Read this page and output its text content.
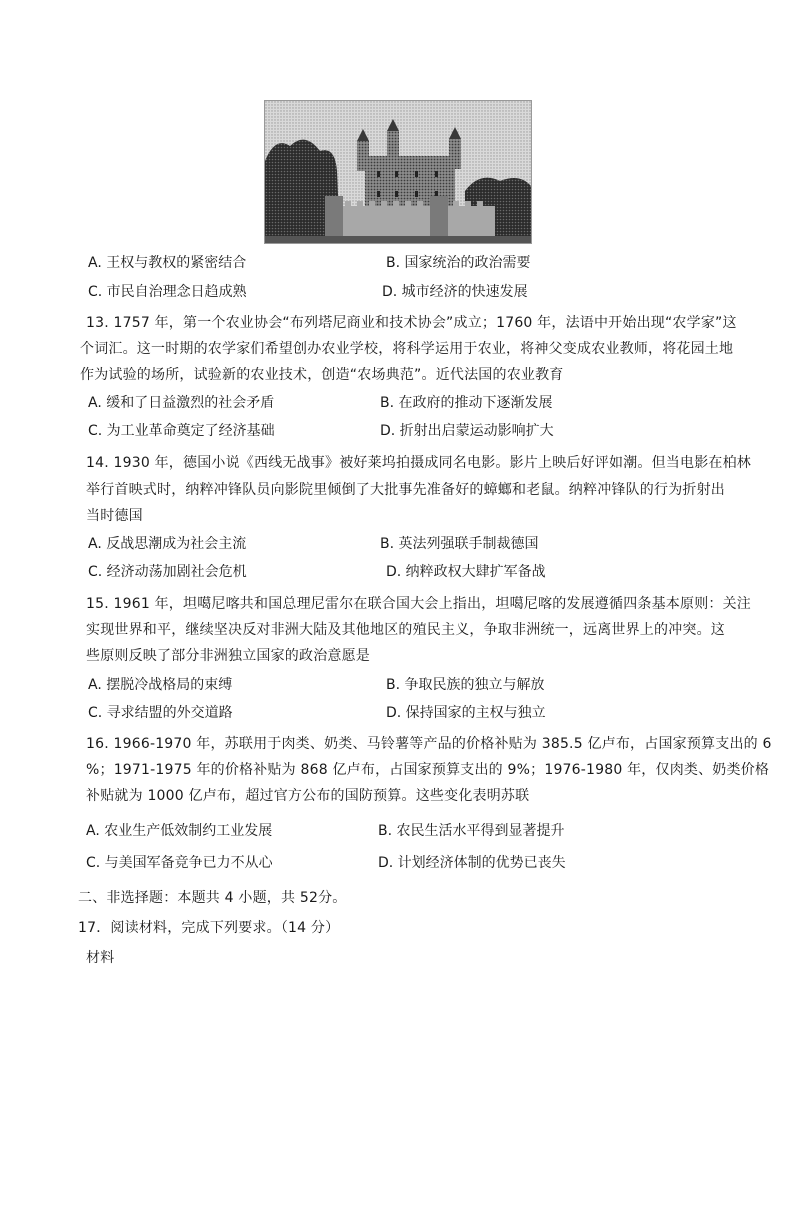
A. 王权与教权的紧密结合	B. 国家统治的政治需要
C. 市民自治理念日趋成熟	D. 城市经济的快速发展
13. 1757 年，第一个农业协会“布列塔尼商业和技术协会”成立；1760 年，法语中开始出现“农学家”这
个词汇。这一时期的农学家们希望创办农业学校，将科学运用于农业，将神父变成农业教师，将花园土地
作为试验的场所，试验新的农业技术，创造“农场典范”。近代法国的农业教育
A. 缓和了日益激烈的社会矛盾	B. 在政府的推动下逐渐发展
C. 为工业革命奠定了经济基础	D. 折射出启蒙运动影响扩大
14. 1930 年，德国小说《西线无战事》被好莱坞拍摄成同名电影。影片上映后好评如潮。但当电影在柏林
举行首映式时，纳粹冲锋队员向影院里倾倒了大批事先准备好的蟑螂和老鼠。纳粹冲锋队的行为折射出
当时德国
A. 反战思潮成为社会主流	B. 英法列强联手制裁德国
C. 经济动荡加剧社会危机	D. 纳粹政权大肆扩军备战
15. 1961 年，坦噶尼喀共和国总理尼雷尔在联合国大会上指出，坦噶尼喀的发展遵循四条基本原则：关注
实现世界和平，继续坚决反对非洲大陆及其他地区的殖民主义，争取非洲统一，远离世界上的冲突。这
些原则反映了部分非洲独立国家的政治意愿是
A. 摆脱冷战格局的束缚	B. 争取民族的独立与解放
C. 寻求结盟的外交道路	D. 保持国家的主权与独立
16. 1966-1970 年，苏联用于肉类、奶类、马铃薯等产品的价格补贴为 385.5 亿卢布，占国家预算支出的 6
%；1971-1975 年的价格补贴为 868 亿卢布，占国家预算支出的 9%；1976-1980 年，仅肉类、奶类价格
补贴就为 1000 亿卢布，超过官方公布的国防预算。这些变化表明苏联
A. 农业生产低效制约工业发展	B. 农民生活水平得到显著提升
C. 与美国军备竞争已力不从心	D. 计划经济体制的优势已丧失
二、非选择题：本题共 4 小题，共 52分。
17．阅读材料，完成下列要求。（14 分）
材料
